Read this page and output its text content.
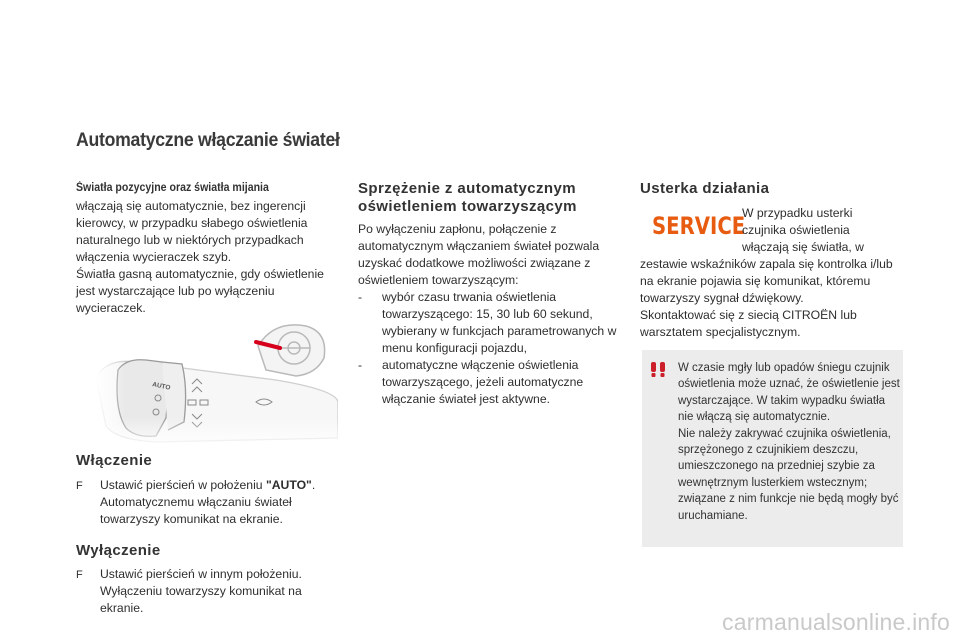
Automatyczne włączanie świateł
Światła pozycyjne oraz światła mijania

włączają się automatycznie, bez ingerencji kierowcy, w przypadku słabego oświetlenia naturalnego lub w niektórych przypadkach włączenia wycieraczek szyb.

Światła gasną automatycznie, gdy oświetlenie jest wystarczające lub po wyłączeniu wycieraczek.

Włączenie
F	Ustawić pierścień w położeniu "AUTO". Automatycznemu włączaniu świateł towarzyszy komunikat na ekranie.
Wyłączenie
F	Ustawić pierścień w innym położeniu. Wyłączeniu towarzyszy komunikat na ekranie.
Sprzężenie z automatycznym
oświetleniem towarzyszącym

Po wyłączeniu zapłonu, połączenie z automatycznym włączaniem świateł pozwala uzyskać dodatkowe możliwości związane z oświetleniem towarzyszącym:

-	wybór czasu trwania oświetlenia towarzyszącego: 15, 30 lub 60 sekund, wybierany w funkcjach parametrowanych w menu konfiguracji pojazdu,
-	automatyczne włączenie oświetlenia towarzyszącego, jeżeli automatyczne włączanie świateł jest aktywne.
Usterka działania
SERVICE
W przypadku usterki czujnika oświetlenia włączają się światła, w
zestawie wskaźników zapala się kontrolka i/lub na ekranie pojawia się komunikat, któremu towarzyszy sygnał dźwiękowy.
Skontaktować się z siecią CITROËN lub warsztatem specjalistycznym.
W czasie mgły lub opadów śniegu czujnik oświetlenia może uznać, że oświetlenie jest wystarczające. W takim wypadku światła nie włączą się automatycznie.
Nie należy zakrywać czujnika oświetlenia, sprzężonego z czujnikiem deszczu, umieszczonego na przedniej szybie za wewnętrznym lusterkiem wstecznym; związane z nim funkcje nie będą mogły być uruchamiane.
carmanualsonline.info
